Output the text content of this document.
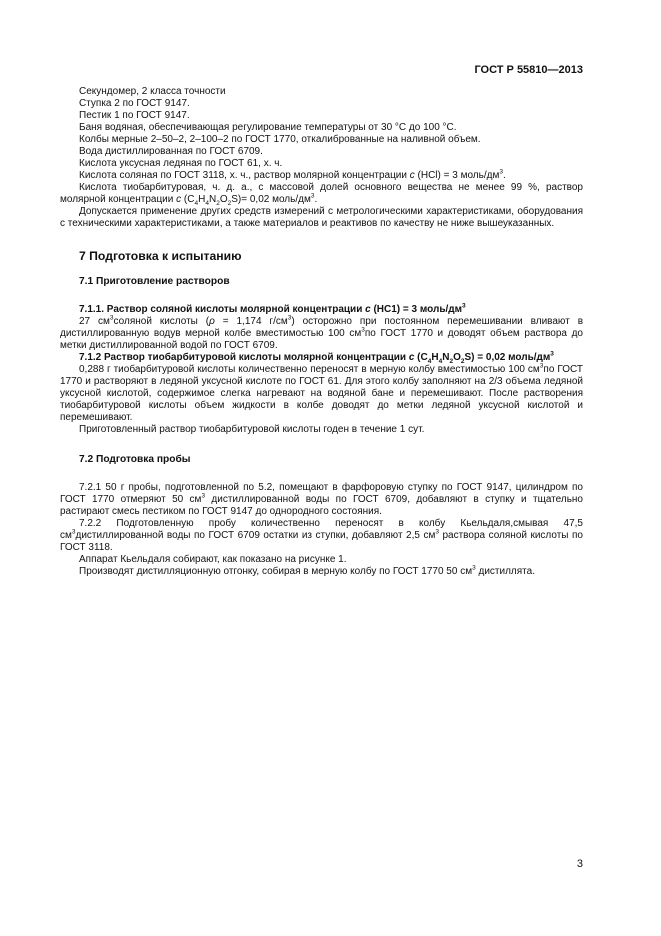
ГОСТ Р 55810—2013

Секундомер, 2 класса точности

Ступка 2 по ГОСТ 9147.

Пестик 1 по ГОСТ 9147.

Баня водяная, обеспечивающая регулирование температуры от 30 °С до 100 °С.

Колбы мерные 2–50–2, 2–100–2 по ГОСТ 1770, откалиброванные на наливной объем.

Вода дистиллированная по ГОСТ 6709.

Кислота уксусная ледяная по ГОСТ 61, х. ч.

Кислота соляная по ГОСТ 3118, х. ч., раствор молярной концентрации с (HCl) = 3 моль/$дм^3$.

Кислота тиобарбитуровая, ч. д. а., с массовой долей основного вещества не менее 99 %, раствор молярной концентрации с $(C_4H_4N_2O_2S)= 0,02$ моль/$дм^3$.

Допускается применение других средств измерений с метрологическими характеристиками, оборудования с техническими характеристиками, а также материалов и реактивов по качеству не ниже вышеуказанных.

7 Подготовка к испытанию
7.1 Приготовление растворов

7.1.1. Раствор соляной кислоты молярной концентрации с (HC1) = 3 моль/$дм^3$

27 $см^3соляной$ кислоты (ρ = 1,174 $г/см^3$) осторожно при постоянном перемешивании вливают в дистиллированную водув мерной колбе вместимостью 100 $см^3по$ ГОСТ 1770 и доводят объем раствора до метки дистиллированной водой по ГОСТ 6709.

7.1.2 Раствор тиобарбитуровой кислоты молярной концентрации с $(C_4H_4N_2O_2S) = 0,02$ моль/$дм^3$

0,288 г тиобарбитуровой кислоты количественно переносят в мерную колбу вместимостью 100 $см^3по$ ГОСТ 1770 и растворяют в ледяной уксусной кислоте по ГОСТ 61. Для этого колбу заполняют на 2/3 объема ледяной уксусной кислотой, содержимое слегка нагревают на водяной бане и перемешивают. После растворения тиобарбитуровой кислоты объем жидкости в колбе доводят до метки ледяной уксусной кислотой и перемешивают.

Приготовленный раствор тиобарбитуровой кислоты годен в течение 1 сут.

7.2 Подготовка пробы

7.2.1 50 г пробы, подготовленной по 5.2, помещают в фарфоровую ступку по ГОСТ 9147, цилиндром по ГОСТ 1770 отмеряют 50 $см^3$ дистиллированной воды по ГОСТ 6709, добавляют в ступку и тщательно растирают смесь пестиком по ГОСТ 9147 до однородного состояния.

7.2.2 Подготовленную пробу количественно переносят в колбу Кьельдаля,смывая 47,5 $см^3дистиллированной$ воды по ГОСТ 6709 остатки из ступки, добавляют 2,5 $см^3$ раствора соляной кислоты по ГОСТ 3118.

Аппарат Кьельдаля собирают, как показано на рисунке 1.

Производят дистилляционную отгонку, собирая в мерную колбу по ГОСТ 1770 50 $см^3$ дистиллята.

3
